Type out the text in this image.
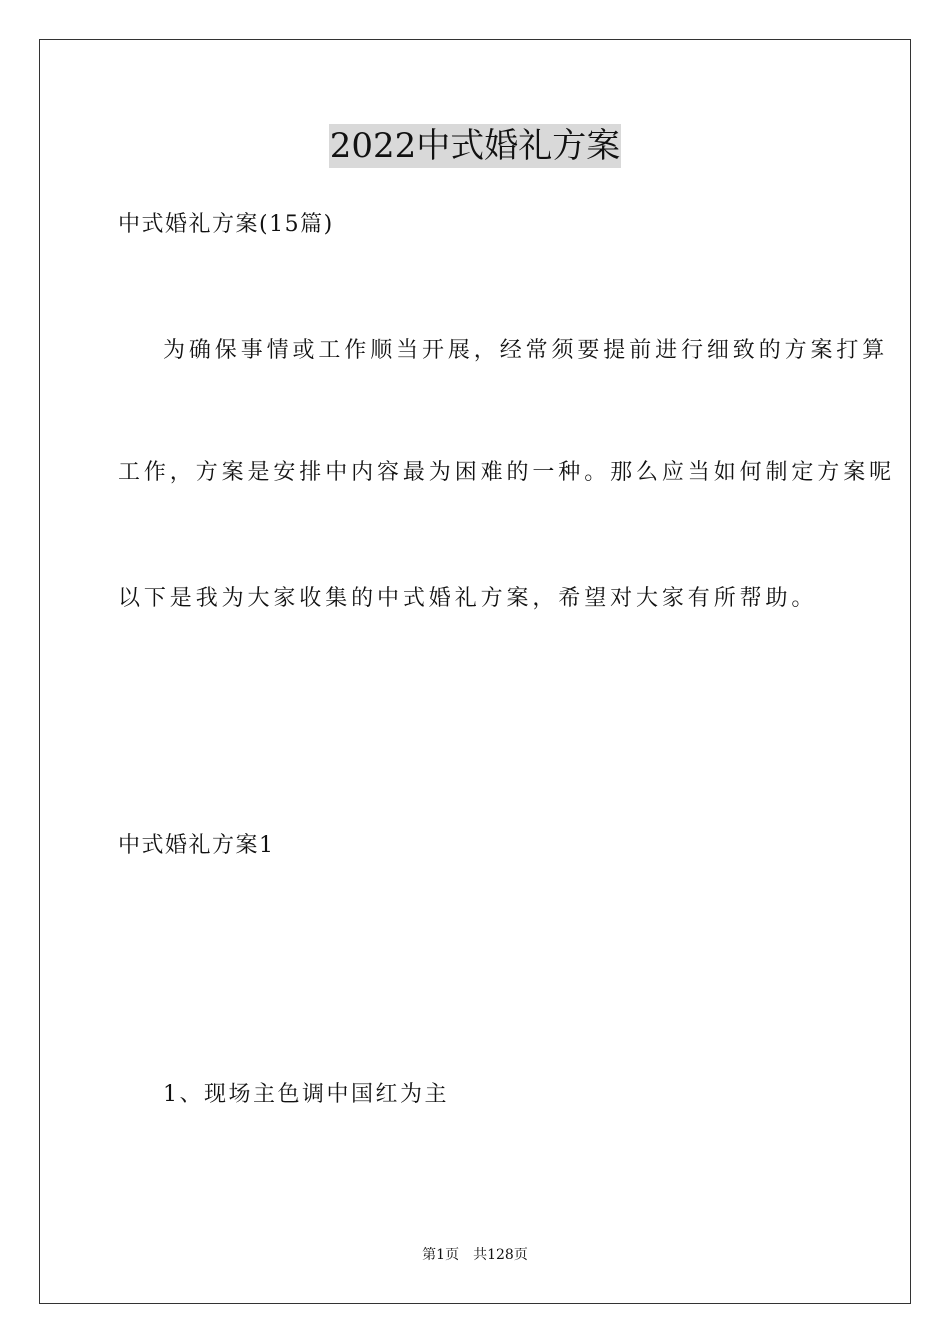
2022中式婚礼方案
中式婚礼方案(15篇)
为确保事情或工作顺当开展，经常须要提前进行细致的方案打算
工作，方案是安排中内容最为困难的一种。那么应当如何制定方案呢
以下是我为大家收集的中式婚礼方案，希望对大家有所帮助。
中式婚礼方案1
1、现场主色调中国红为主
第1页 共128页
